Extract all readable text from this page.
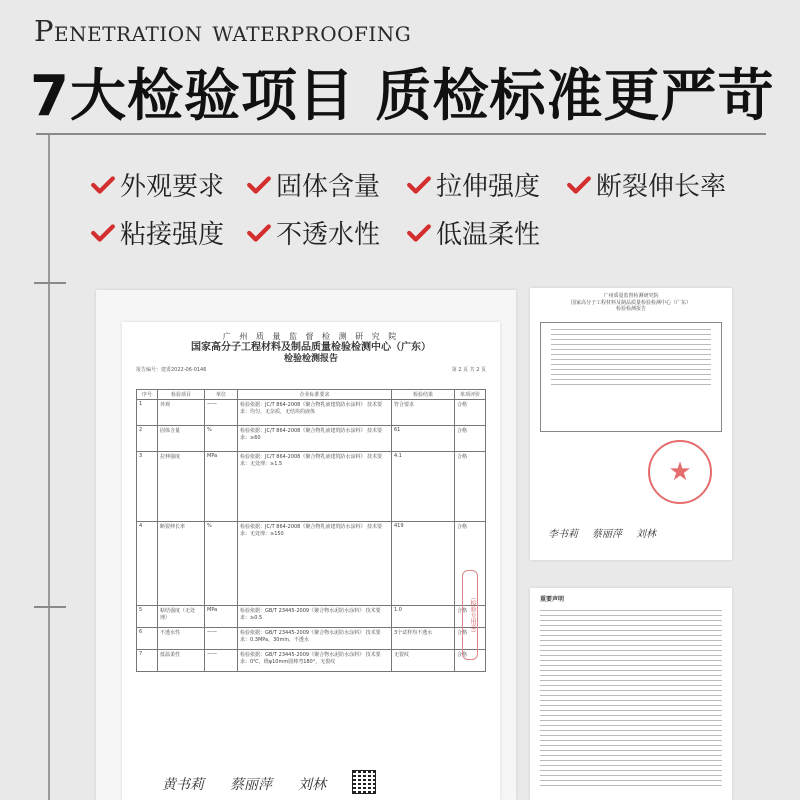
Penetration waterproofing
7大检验项目 质检标准更严苛
外观要求 固体含量 拉伸强度 断裂伸长率
粘接强度 不透水性 低温柔性
广 州 质 量 监 督 检 测 研 究 院
国家高分子工程材料及制品质量检验检测中心（广东）
检验检测报告
报告编号：建委2022-06-0146	第 2 页 共 2 页
序号	检验项目	单位	企业标准要求	检验结果	单项评价
1	外观	——	检验依据：JC/T 864-2008《聚合物乳液建筑防水涂料》 技术要求：均匀、无杂质，无结块的液体	符合要求	合格
2	固体含量	%	检验依据：JC/T 864-2008《聚合物乳液建筑防水涂料》 技术要求：≥60	61	合格
3	拉伸强度	MPa	检验依据：JC/T 864-2008《聚合物乳液建筑防水涂料》 技术要求：无处理：≥1.5	4.1	合格
4	断裂伸长率	%	检验依据：JC/T 864-2008《聚合物乳液建筑防水涂料》 技术要求：无处理：≥150	419	合格
5	粘结强度（无处理）	MPa	检验依据：GB/T 23445-2009《聚合物水泥防水涂料》 技术要求：≥0.5	1.0	合格
6	不透水性	——	检验依据：GB/T 23445-2009《聚合物水泥防水涂料》 技术要求：0.3MPa，30min，不透水	3个试样均不透水	合格
7	低温柔性	——	检验依据：GB/T 23445-2009《聚合物水泥防水涂料》 技术要求：0℃，绕φ10mm圆棒弯180°，无裂纹	无裂纹	合格
黄书莉 蔡丽萍 刘林
（检验专用章）
广州质量监督检测研究院
国家高分子工程材料及制品质量检验检测中心（广东）
检验检测报告
★
李书莉 蔡丽萍 刘林
重要声明
